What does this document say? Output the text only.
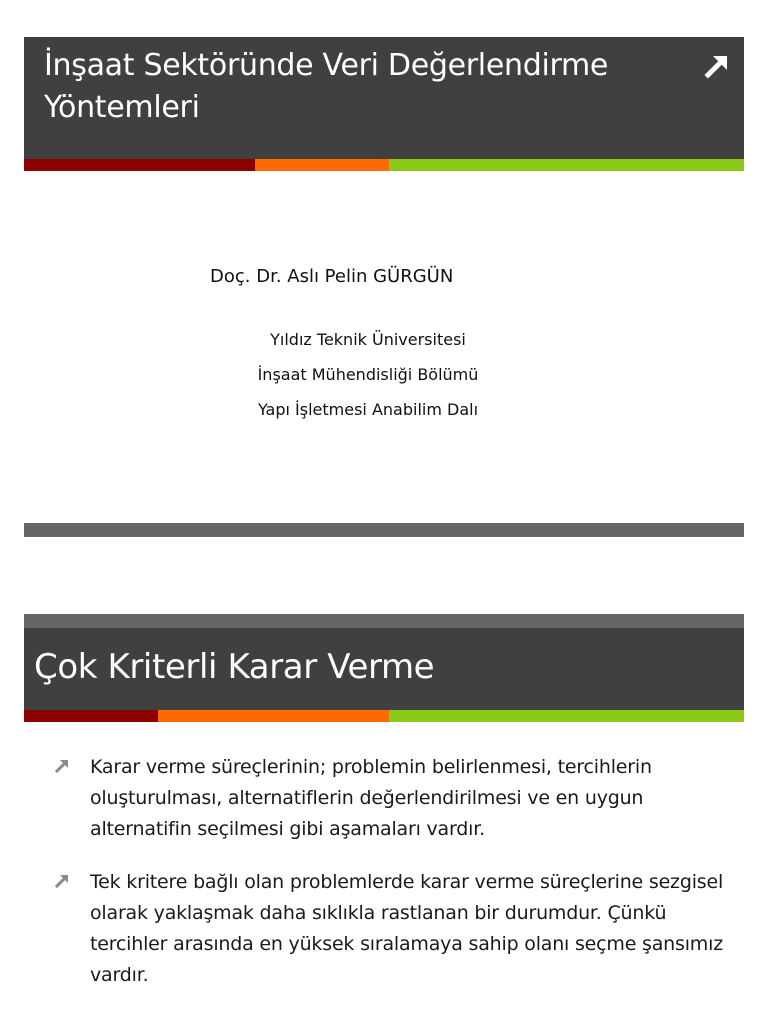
İnşaat Sektöründe Veri Değerlendirme Yöntemleri
Doç. Dr. Aslı Pelin GÜRGÜN
Yıldız Teknik Üniversitesi
İnşaat Mühendisliği Bölümü
Yapı İşletmesi Anabilim Dalı
Çok Kriterli Karar Verme
Karar verme süreçlerinin; problemin belirlenmesi, tercihlerin oluşturulması, alternatiflerin değerlendirilmesi ve en uygun alternatifin seçilmesi gibi aşamaları vardır.
Tek kritere bağlı olan problemlerde karar verme süreçlerine sezgisel olarak yaklaşmak daha sıklıkla rastlanan bir durumdur. Çünkü tercihler arasında en yüksek sıralamaya sahip olanı seçme şansımız vardır.
